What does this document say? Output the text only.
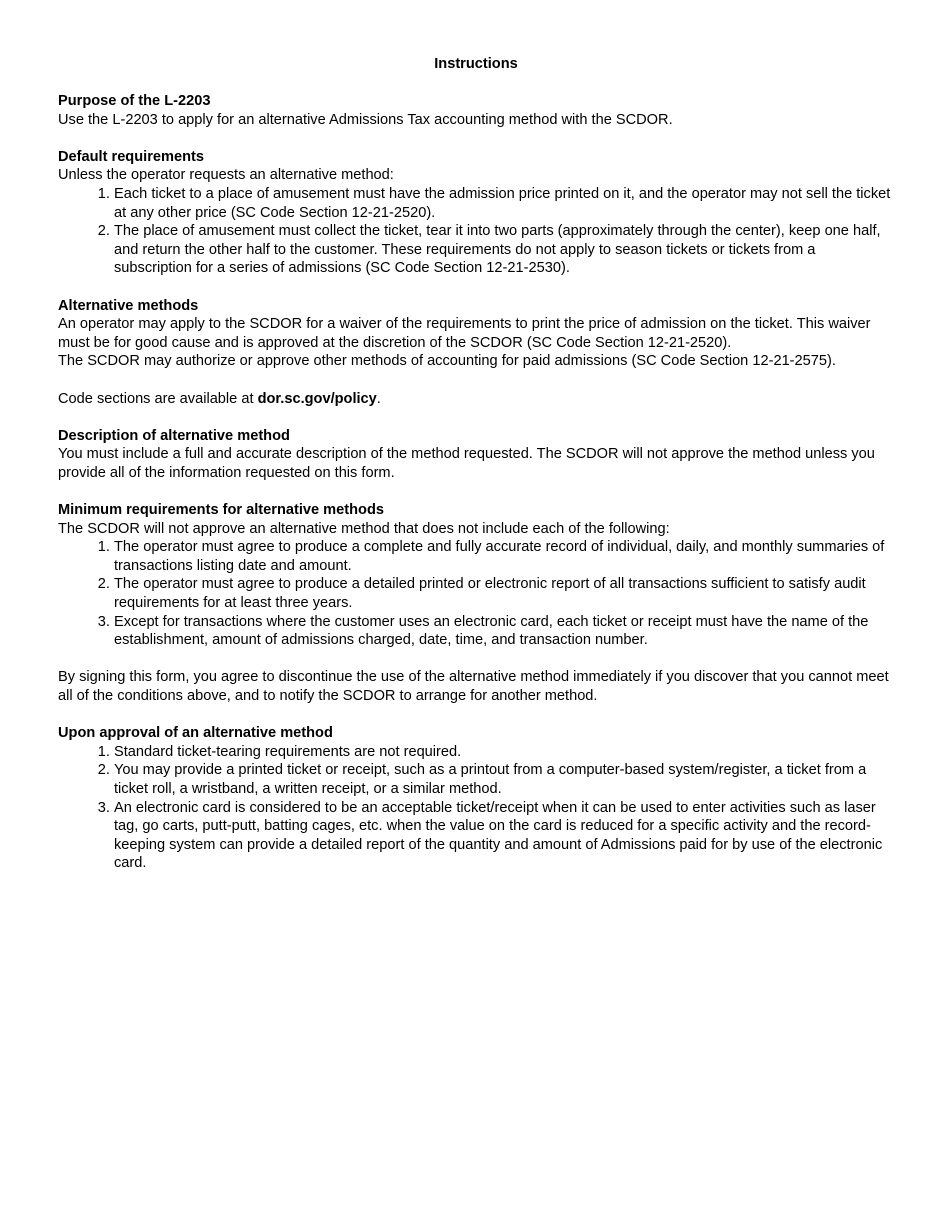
Instructions
Purpose of the L-2203

Use the L-2203 to apply for an alternative Admissions Tax accounting method with the SCDOR.

Default requirements

Unless the operator requests an alternative method:

1. Each ticket to a place of amusement must have the admission price printed on it, and the operator may not sell the ticket at any other price (SC Code Section 12-21-2520).
2. The place of amusement must collect the ticket, tear it into two parts (approximately through the center), keep one half, and return the other half to the customer. These requirements do not apply to season tickets or tickets from a subscription for a series of admissions (SC Code Section 12-21-2530).
Alternative methods

An operator may apply to the SCDOR for a waiver of the requirements to print the price of admission on the ticket. This waiver must be for good cause and is approved at the discretion of the SCDOR (SC Code Section 12-21-2520).

The SCDOR may authorize or approve other methods of accounting for paid admissions (SC Code Section 12-21-2575).

Code sections are available at dor.sc.gov/policy.

Description of alternative method

You must include a full and accurate description of the method requested. The SCDOR will not approve the method unless you provide all of the information requested on this form.

Minimum requirements for alternative methods

The SCDOR will not approve an alternative method that does not include each of the following:

1. The operator must agree to produce a complete and fully accurate record of individual, daily, and monthly summaries of transactions listing date and amount.
2. The operator must agree to produce a detailed printed or electronic report of all transactions sufficient to satisfy audit requirements for at least three years.
3. Except for transactions where the customer uses an electronic card, each ticket or receipt must have the name of the establishment, amount of admissions charged, date, time, and transaction number.

By signing this form, you agree to discontinue the use of the alternative method immediately if you discover that you cannot meet all of the conditions above, and to notify the SCDOR to arrange for another method.

Upon approval of an alternative method
1. Standard ticket-tearing requirements are not required.
2. You may provide a printed ticket or receipt, such as a printout from a computer-based system/register, a ticket from a ticket roll, a wristband, a written receipt, or a similar method.
3. An electronic card is considered to be an acceptable ticket/receipt when it can be used to enter activities such as laser tag, go carts, putt-putt, batting cages, etc. when the value on the card is reduced for a specific activity and the record-keeping system can provide a detailed report of the quantity and amount of Admissions paid for by use of the electronic card.
